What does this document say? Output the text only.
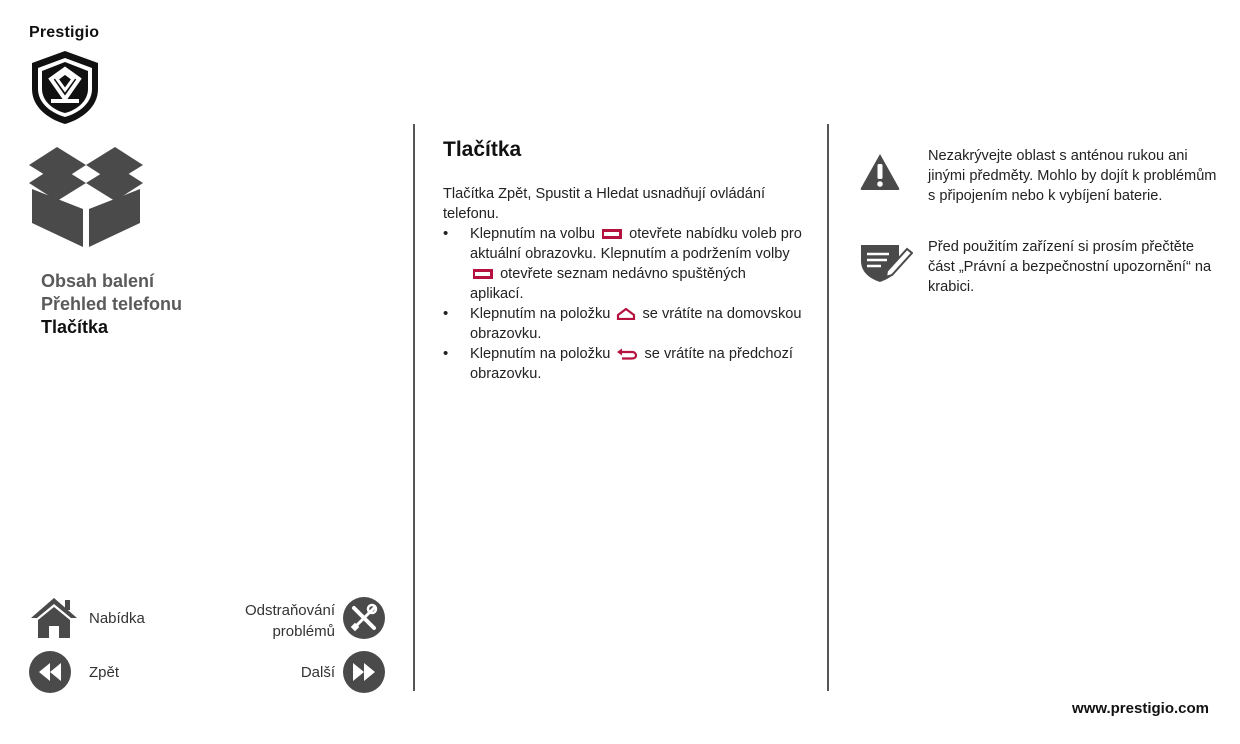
Prestigio
Obsah balení
Přehled telefonu
Tlačítka
Nabídka	Odstraňování
problémů
Zpět	Další
Tlačítka

Tlačítka Zpět, Spustit a Hledat usnadňují ovládání telefonu.

• Klepnutím na volbu otevřete nabídku voleb pro aktuální obrazovku. Klepnutím a podržením volby  otevřete seznam nedávno spuštěných aplikací.
• Klepnutím na položku se vrátíte na domovskou obrazovku.
• Klepnutím na položku se vrátíte na předchozí obrazovku.
Nezakrývejte oblast s anténou rukou ani jinými předměty. Mohlo by dojít k problémům s připojením nebo k vybíjení baterie.
Před použitím zařízení si prosím přečtěte část „Právní a bezpečnostní upozornění“ na krabici.
www.prestigio.com
